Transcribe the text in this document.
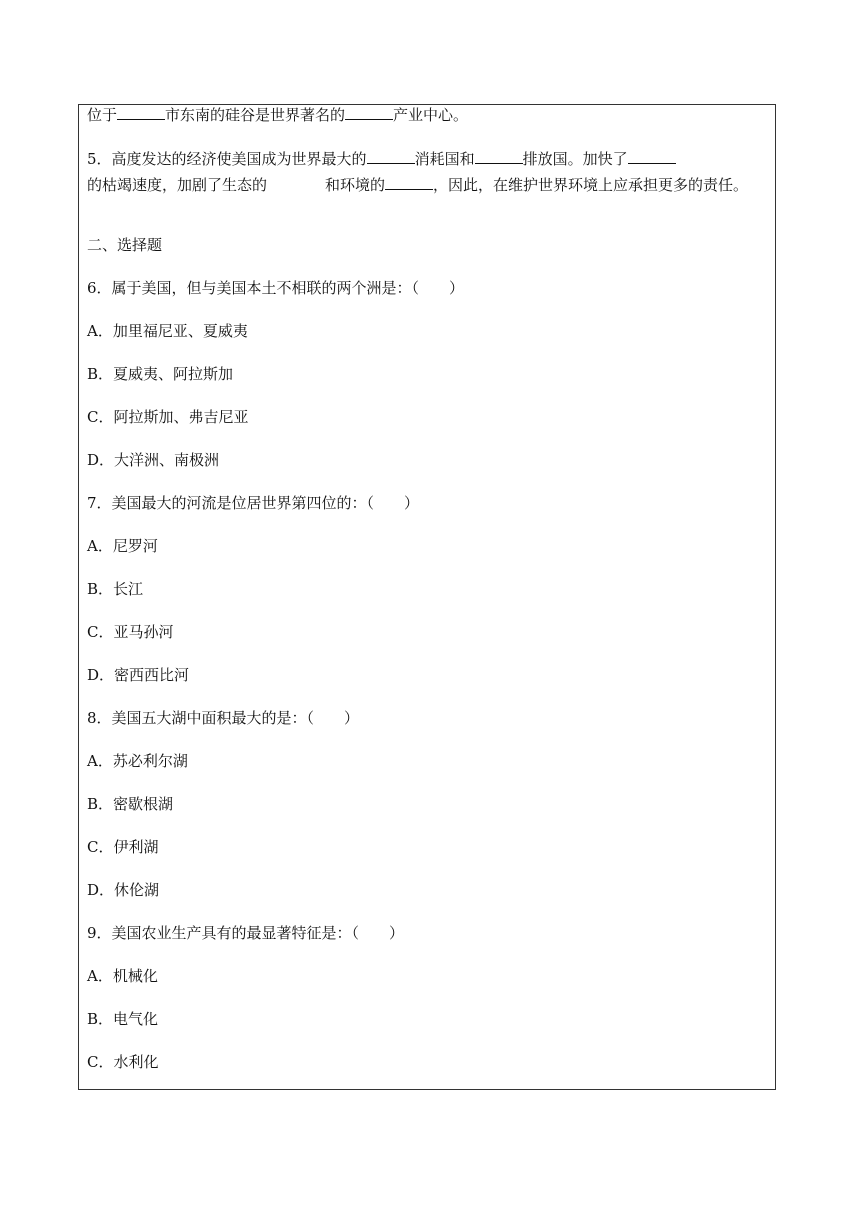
位于	市东南的硅谷是世界著名的	产业中心。
5．高度发达的经济使美国成为世界最大的	消耗国和	排放国。加快了
的枯竭速度，加剧了生态的	和环境的	，因此，在维护世界环境上应承担更多的责任。
二、选择题
6．属于美国，但与美国本土不相联的两个洲是：（　　）
A．加里福尼亚、夏威夷
B．夏威夷、阿拉斯加
C．阿拉斯加、弗吉尼亚
D．大洋洲、南极洲
7．美国最大的河流是位居世界第四位的：（　　）
A．尼罗河
B．长江
C．亚马孙河
D．密西西比河
8．美国五大湖中面积最大的是：（　　）
A．苏必利尔湖
B．密歇根湖
C．伊利湖
D．休伦湖
9．美国农业生产具有的最显著特征是：（　　）
A．机械化
B．电气化
C．水利化
